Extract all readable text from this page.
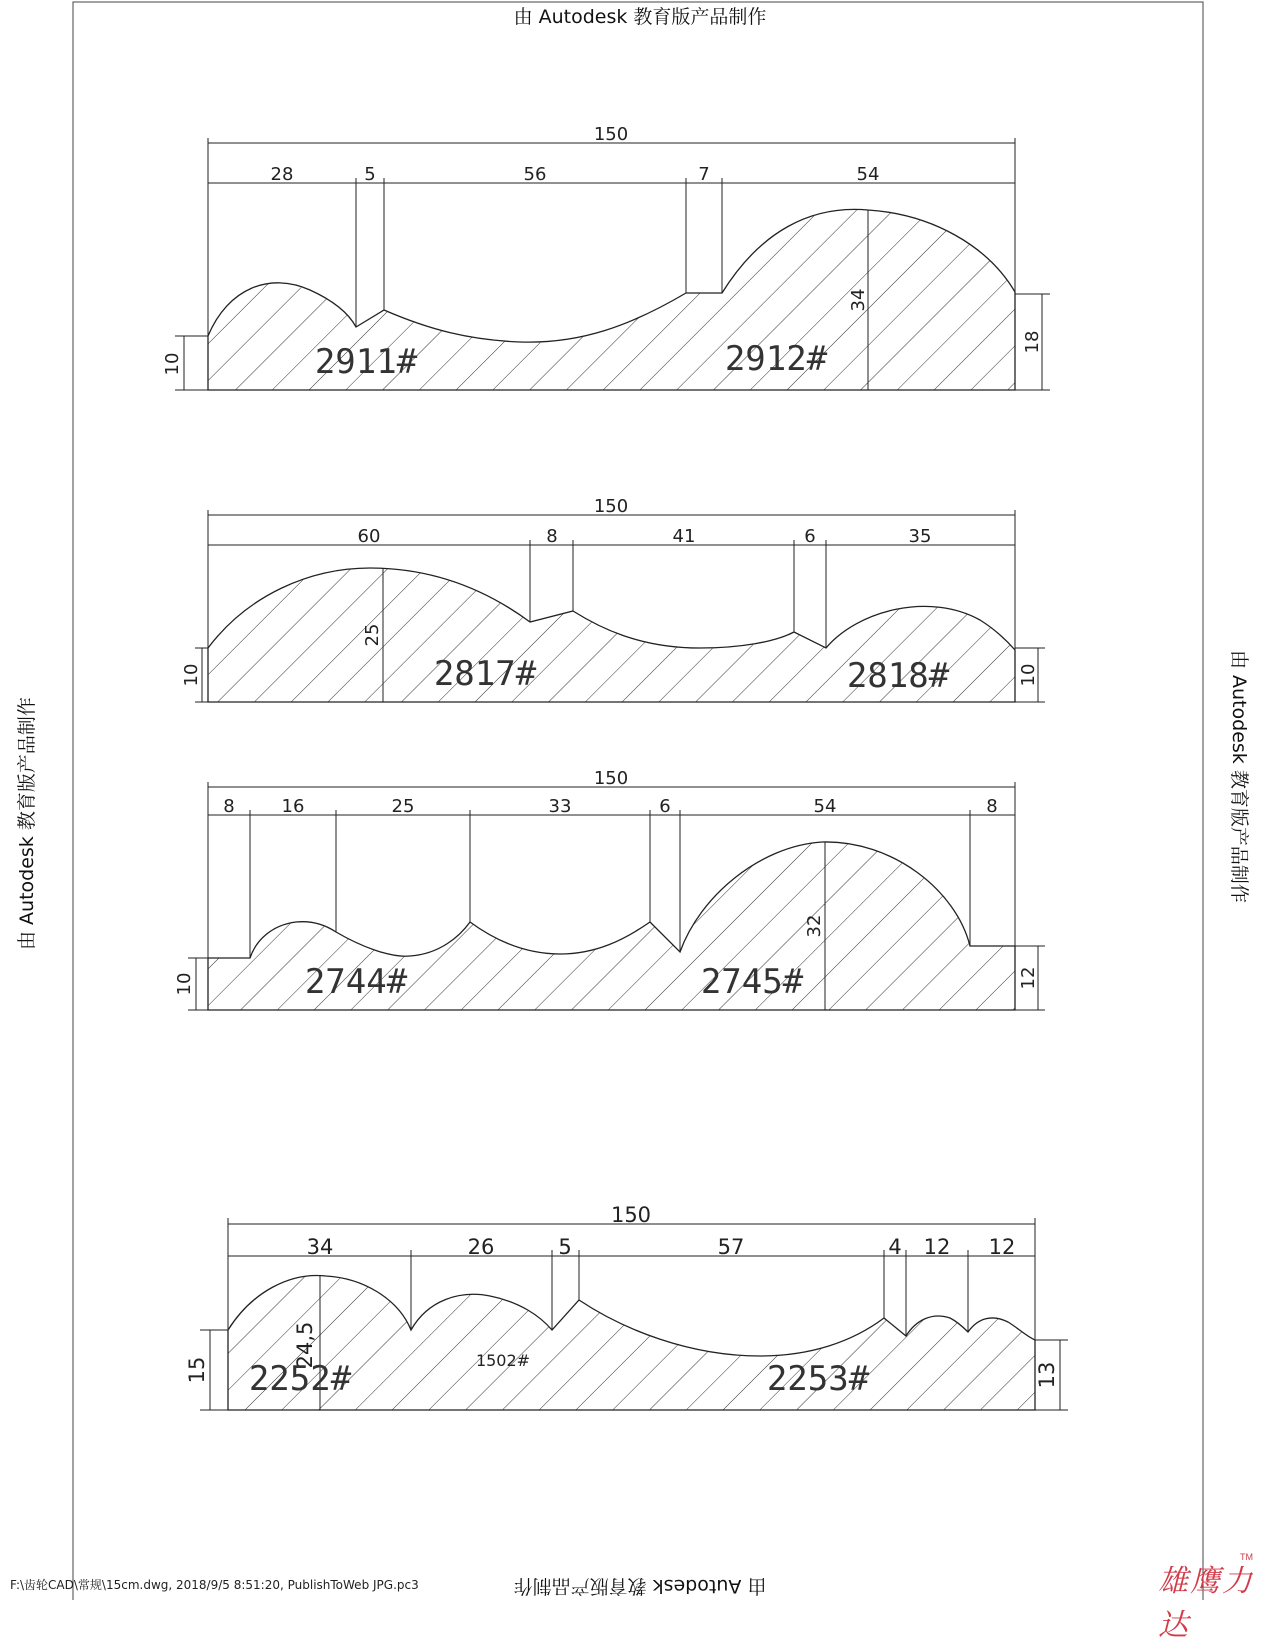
150
28	5	56	7	54
10
18
34
2911#	2912#
150
60	8	41	6	35
10	10
25
2817#	2818#
150
8	16	25	33	6	54	8
10	12
32
2744#	2745#
150
34	26	5	57	4 12 12
15	13
24,5
2252#	1502#	2253#
由 Autodesk 教育版产品制作
由 Autodesk 教育版产品制作
由 Autodesk 教育版产品制作	由 Autodesk 教育版产品制作
F:\齿轮CAD\常规\15cm.dwg, 2018/9/5 8:51:20, PublishToWeb JPG.pc3	雄鹰力达
TM
